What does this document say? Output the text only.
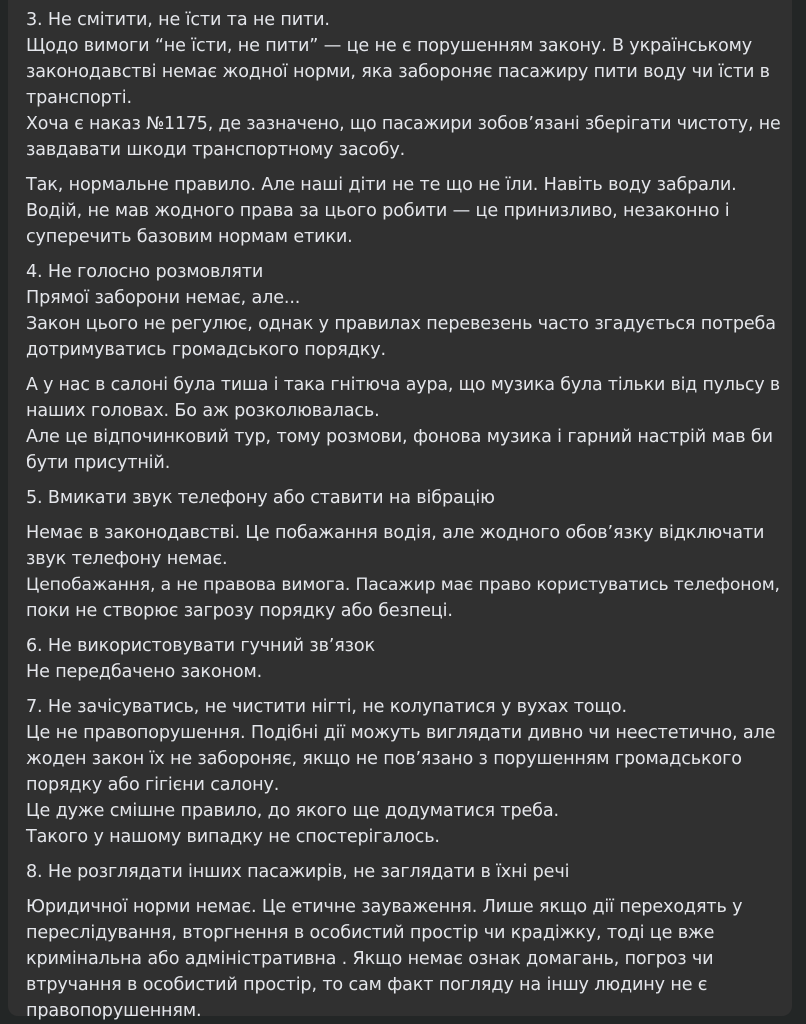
3. Не смітити, не їсти та не пити.
Щодо вимоги “не їсти, не пити” — це не є порушенням закону. В українському
законодавстві немає жодної норми, яка забороняє пасажиру пити воду чи їсти в
транспорті.
Хоча є наказ №1175, де зазначено, що пасажири зобов’язані зберігати чистоту, не
завдавати шкоди транспортному засобу.

Так, нормальне правило. Але наші діти не те що не їли. Навіть воду забрали.
Водій, не мав жодного права за цього робити — це принизливо, незаконно і
суперечить базовим нормам етики.

4. Не голосно розмовляти
Прямої заборони немає, але...
Закон цього не регулює, однак у правилах перевезень часто згадується потреба
дотримуватись громадського порядку.

А у нас в салоні була тиша і така гнітюча аура, що музика була тільки від пульсу в
наших головах. Бо аж розколювалась.
Але це відпочинковий тур, тому розмови, фонова музика і гарний настрій мав би
бути присутній.

5. Вмикати звук телефону або ставити на вібрацію

Немає в законодавстві. Це побажання водія, але жодного обов’язку відключати
звук телефону немає.
Цепобажання, а не правова вимога. Пасажир має право користуватись телефоном,
поки не створює загрозу порядку або безпеці.

6. Не використовувати гучний зв’язок
Не передбачено законом.

7. Не зачісуватись, не чистити нігті, не колупатися у вухах тощо.
Це не правопорушення. Подібні дії можуть виглядати дивно чи неестетично, але
жоден закон їх не забороняє, якщо не пов’язано з порушенням громадського
порядку або гігієни салону.
Це дуже смішне правило, до якого ще додуматися треба.
Такого у нашому випадку не спостерігалось.

8. Не розглядати інших пасажирів, не заглядати в їхні речі

Юридичної норми немає. Це етичне зауваження. Лише якщо дії переходять у
переслідування, вторгнення в особистий простір чи крадіжку, тоді це вже
кримінальна або адміністративна . Якщо немає ознак домагань, погроз чи
втручання в особистий простір, то сам факт погляду на іншу людину не є
правопорушенням.
